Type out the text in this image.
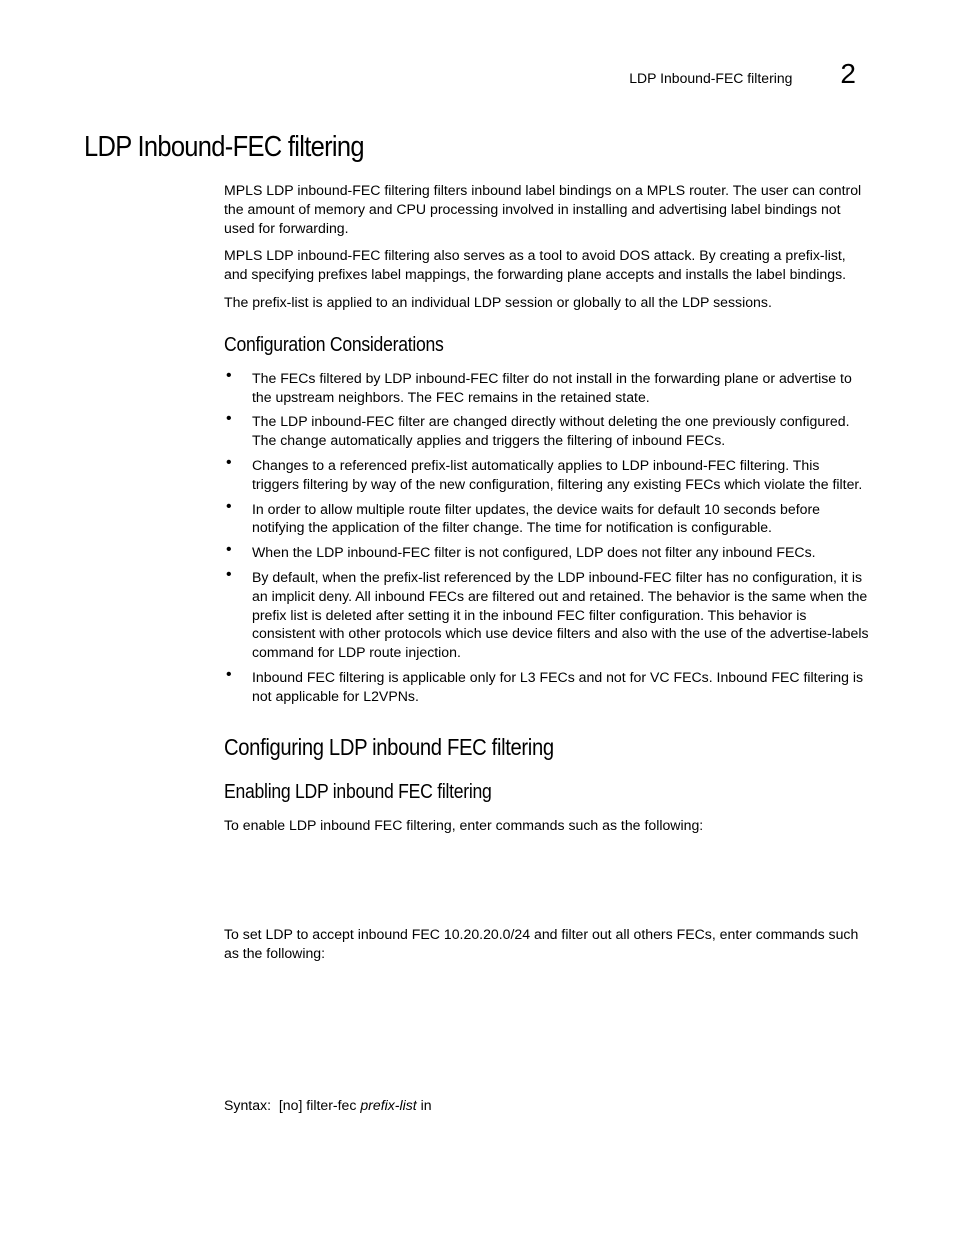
LDP Inbound-FEC filtering 2
LDP Inbound-FEC filtering

MPLS LDP inbound-FEC filtering filters inbound label bindings on a MPLS router. The user can control the amount of memory and CPU processing involved in installing and advertising label bindings not used for forwarding.

MPLS LDP inbound-FEC filtering also serves as a tool to avoid DOS attack. By creating a prefix-list, and specifying prefixes label mappings, the forwarding plane accepts and installs the label bindings.

The prefix-list is applied to an individual LDP session or globally to all the LDP sessions.

Configuration Considerations
• The FECs filtered by LDP inbound-FEC filter do not install in the forwarding plane or advertise to the upstream neighbors. The FEC remains in the retained state.
• The LDP inbound-FEC filter are changed directly without deleting the one previously configured. The change automatically applies and triggers the filtering of inbound FECs.
• Changes to a referenced prefix-list automatically applies to LDP inbound-FEC filtering. This triggers filtering by way of the new configuration, filtering any existing FECs which violate the filter.
• In order to allow multiple route filter updates, the device waits for default 10 seconds before notifying the application of the filter change. The time for notification is configurable.
• When the LDP inbound-FEC filter is not configured, LDP does not filter any inbound FECs.
• By default, when the prefix-list referenced by the LDP inbound-FEC filter has no configuration, it is an implicit deny. All inbound FECs are filtered out and retained. The behavior is the same when the prefix list is deleted after setting it in the inbound FEC filter configuration. This behavior is consistent with other protocols which use device filters and also with the use of the advertise-labels command for LDP route injection.
• Inbound FEC filtering is applicable only for L3 FECs and not for VC FECs. Inbound FEC filtering is not applicable for L2VPNs.
Configuring LDP inbound FEC filtering
Enabling LDP inbound FEC filtering

To enable LDP inbound FEC filtering, enter commands such as the following:

To set LDP to accept inbound FEC 10.20.20.0/24 and filter out all others FECs, enter commands such as the following:

Syntax: [no] filter-fec prefix-list in
